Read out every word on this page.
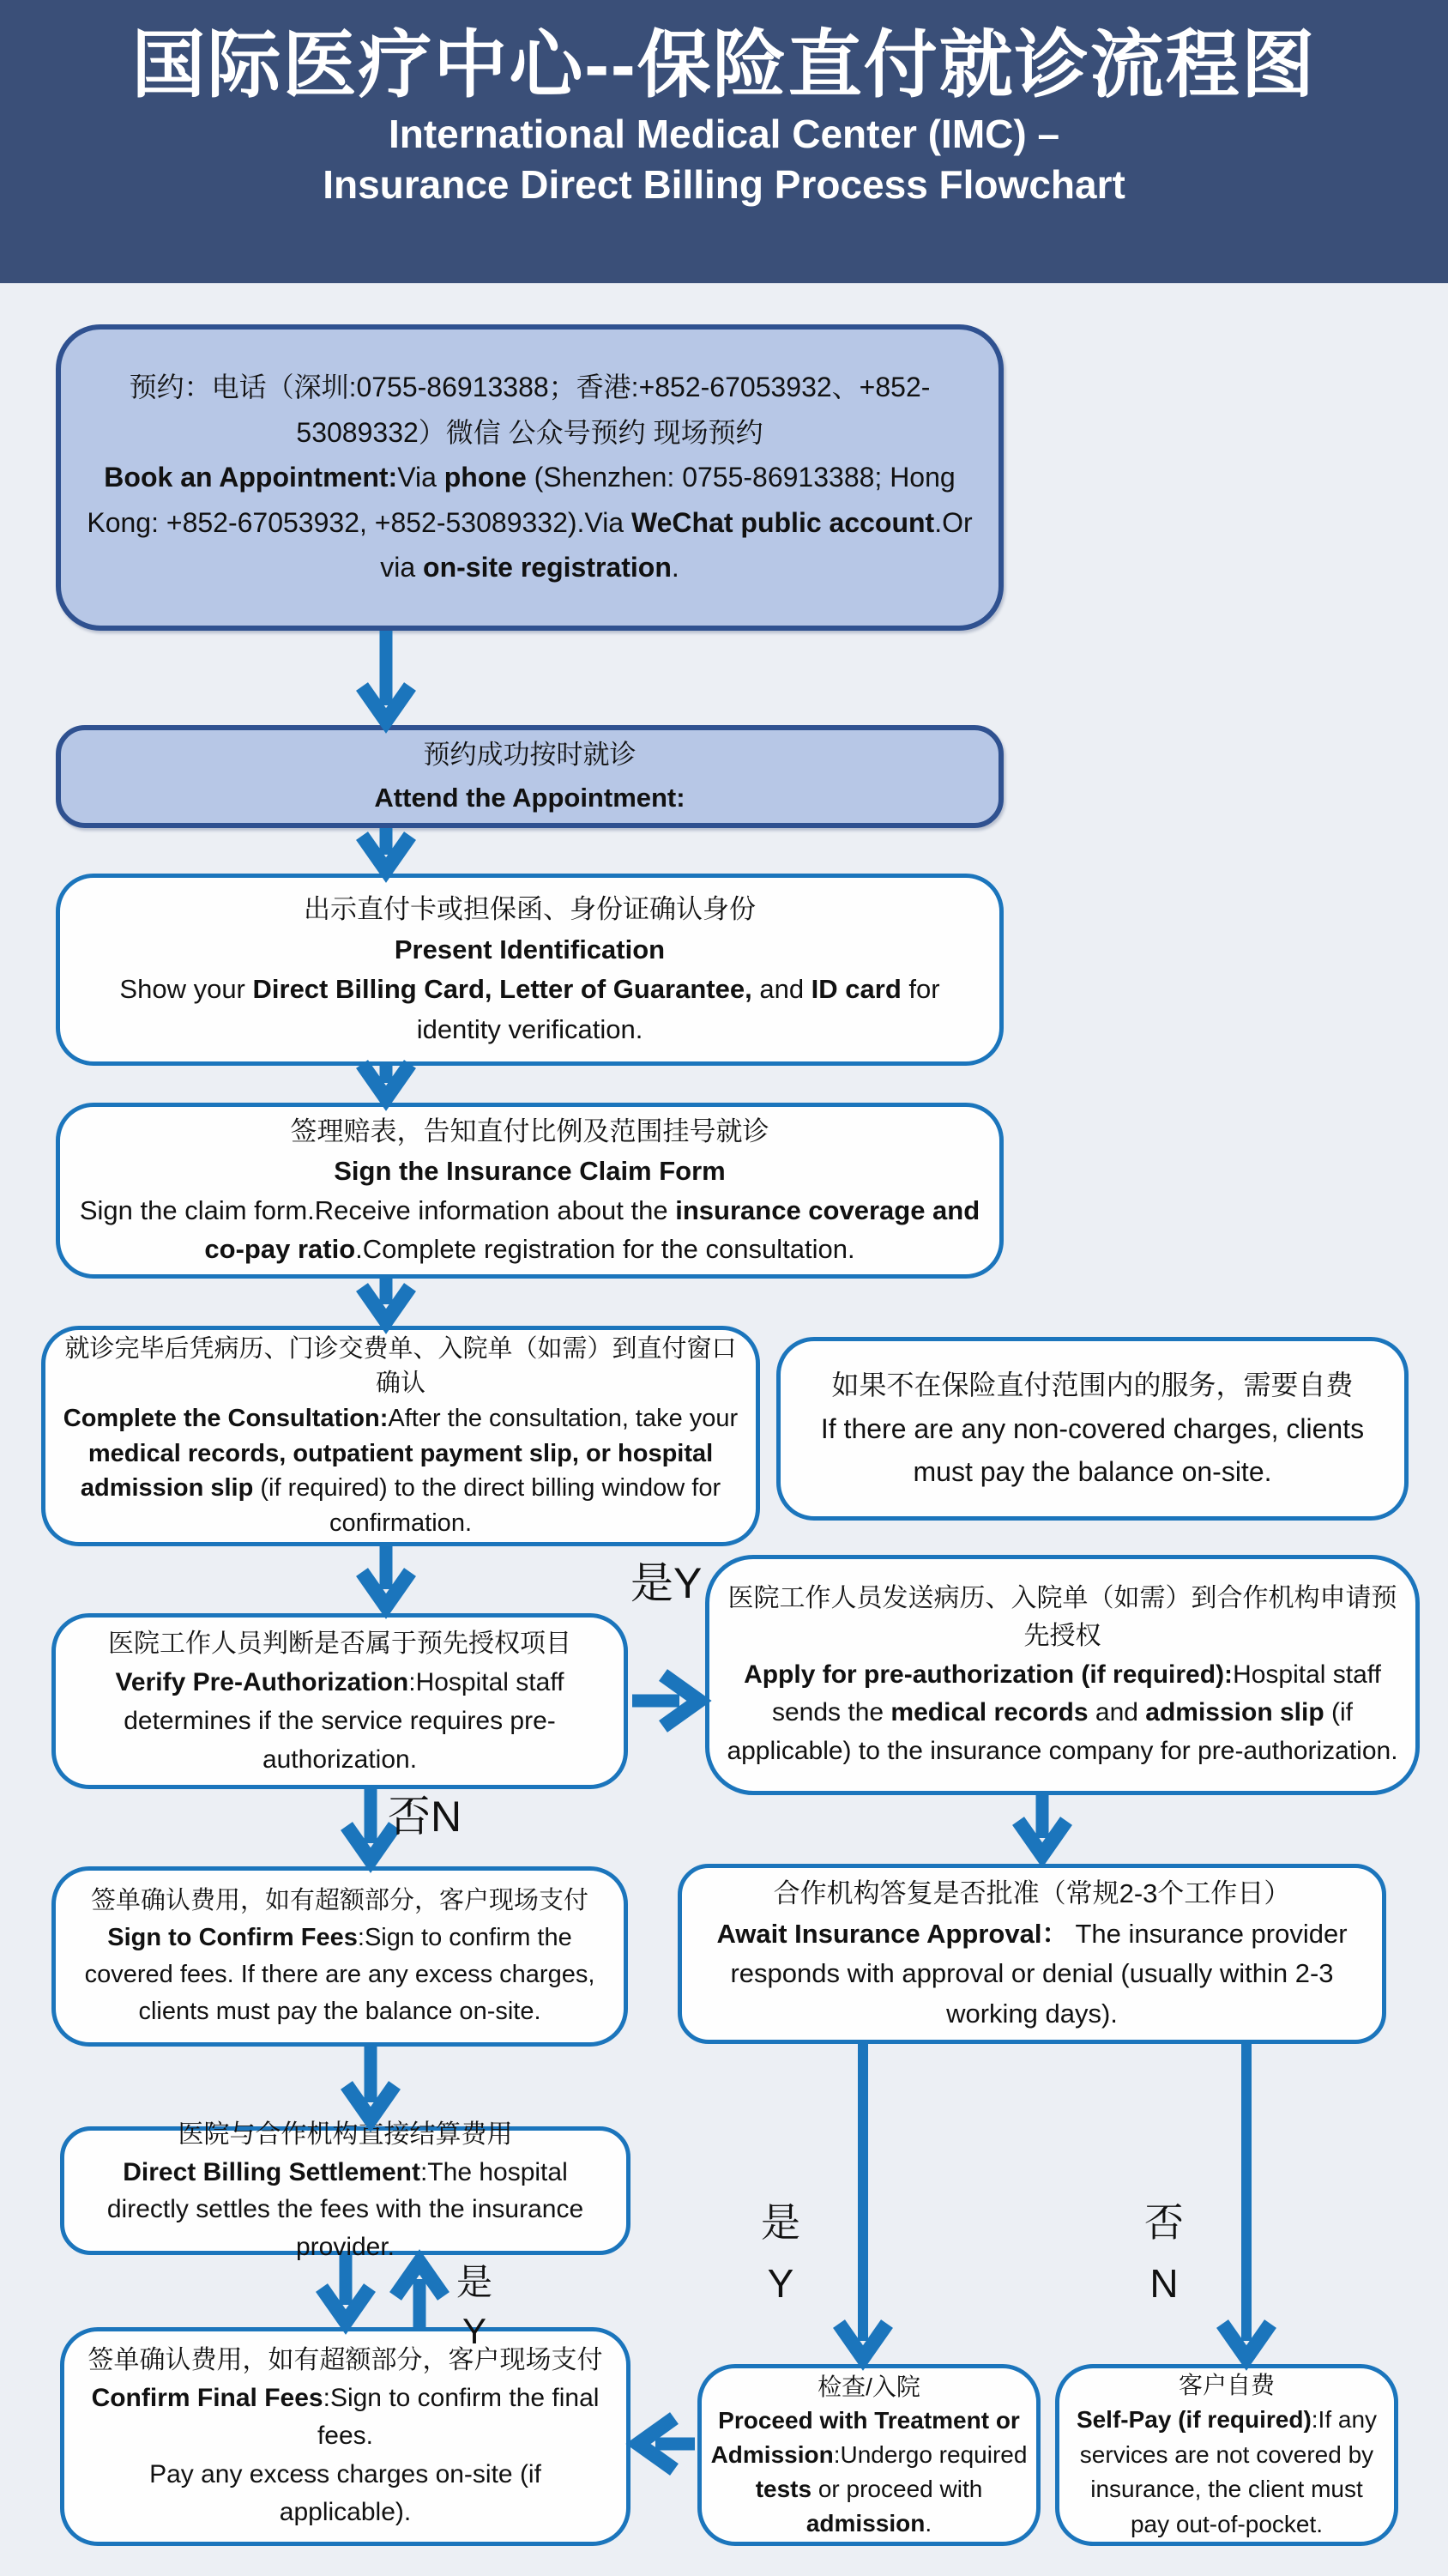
国际医疗中心--保险直付就诊流程图
International Medical Center (IMC) –
Insurance Direct Billing Process Flowchart
预约：电话（深圳:0755-86913388；香港:+852-67053932、+852-53089332）微信 公众号预约 现场预约
Book an Appointment:Via phone (Shenzhen: 0755-86913388; Hong Kong: +852-67053932, +852-53089332).Via WeChat public account.Or via on-site registration.
预约成功按时就诊
Attend the Appointment:
出示直付卡或担保函、身份证确认身份
Present Identification
Show your Direct Billing Card, Letter of Guarantee, and ID card for identity verification.
签理赔表，告知直付比例及范围挂号就诊
Sign the Insurance Claim Form
Sign the claim form.Receive information about the insurance coverage and co-pay ratio.Complete registration for the consultation.
就诊完毕后凭病历、门诊交费单、入院单（如需）到直付窗口确认
Complete the Consultation:After the consultation, take your medical records, outpatient payment slip, or hospital admission slip (if required) to the direct billing window for confirmation.
如果不在保险直付范围内的服务，需要自费
If there are any non-covered charges, clients must pay the balance on-site.
医院工作人员判断是否属于预先授权项目
Verify Pre-Authorization:Hospital staff determines if the service requires pre-authorization.
医院工作人员发送病历、入院单（如需）到合作机构申请预先授权
Apply for pre-authorization (if required):Hospital staff sends the medical records and admission slip (if applicable) to the insurance company for pre-authorization.
签单确认费用，如有超额部分，客户现场支付
Sign to Confirm Fees:Sign to confirm the covered fees. If there are any excess charges, clients must pay the balance on-site.
合作机构答复是否批准（常规2-3个工作日）
Await Insurance Approval： The insurance provider responds with approval or denial (usually within 2-3 working days).
医院与合作机构直接结算费用
Direct Billing Settlement:The hospital directly settles the fees with the insurance provider.
签单确认费用，如有超额部分，客户现场支付
Confirm Final Fees:Sign to confirm the final fees.
Pay any excess charges on-site (if applicable).
检查/入院
Proceed with Treatment or Admission:Undergo required tests or proceed with admission.
客户自费
Self-Pay (if required):If any services are not covered by insurance, the client must pay out-of-pocket.
是Y
否N
是
Y
否
N
是
Y
